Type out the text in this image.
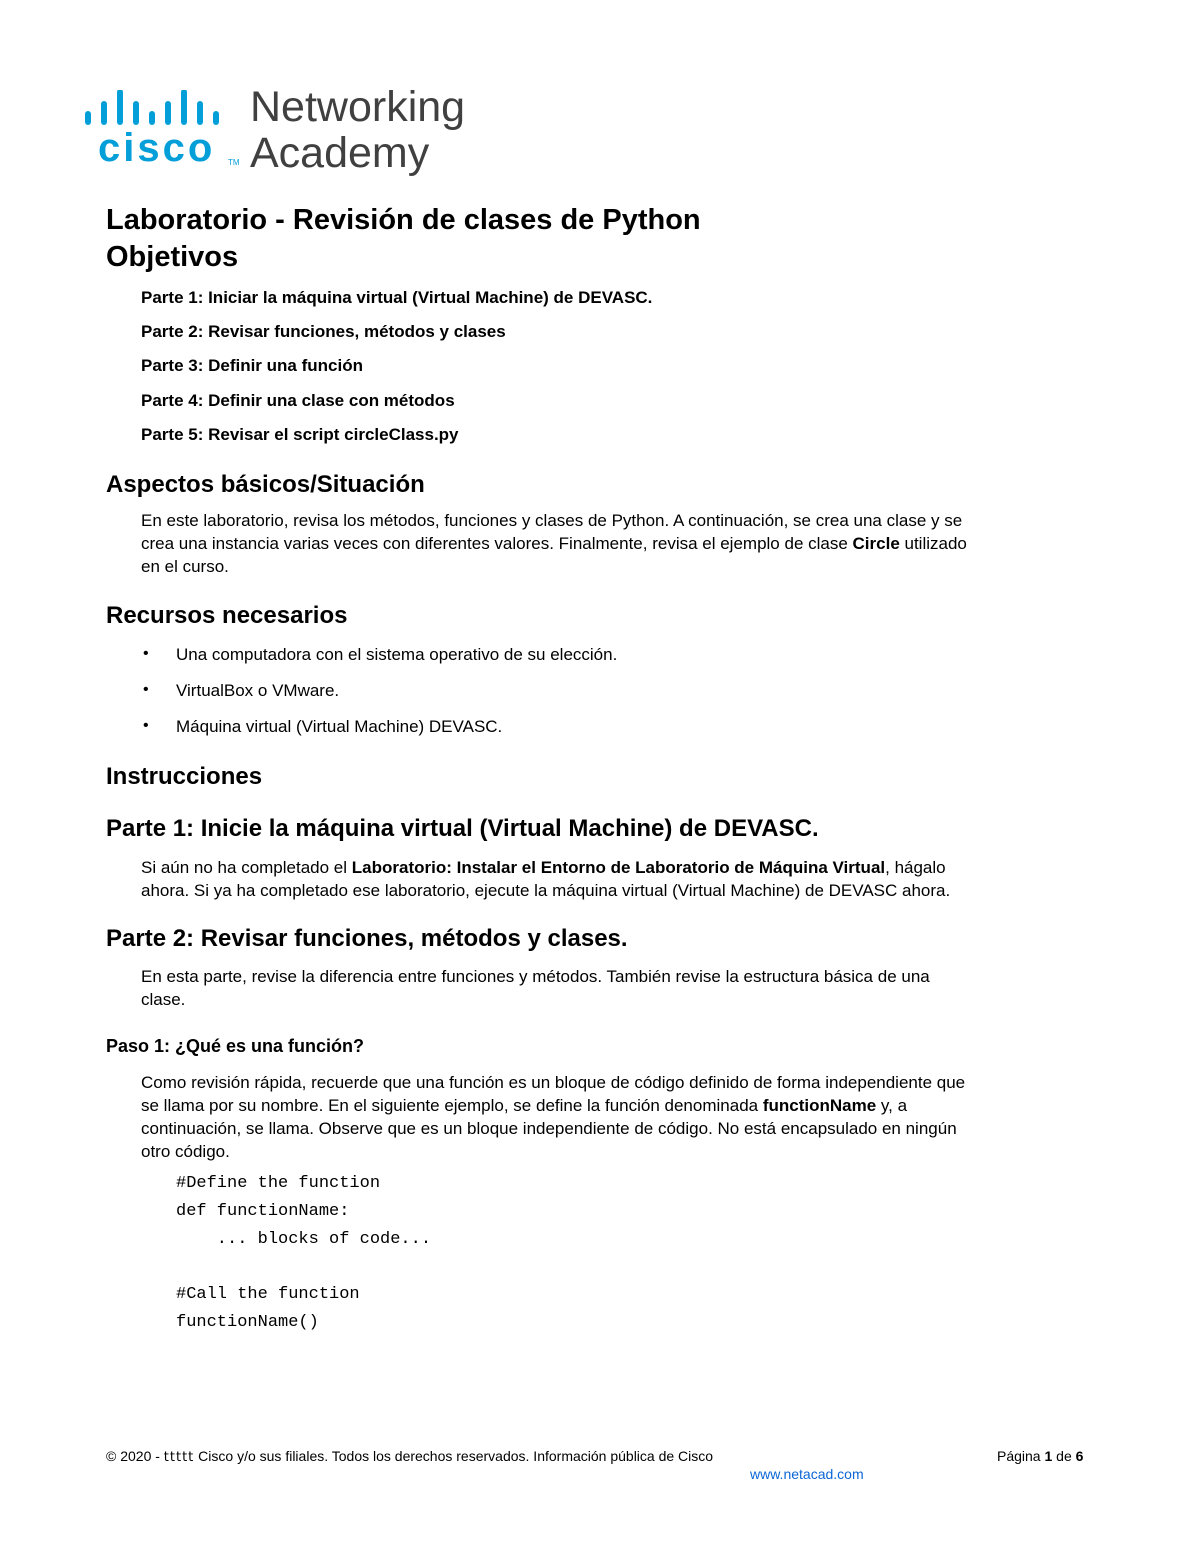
cisco TM
Networking
Academy
Laboratorio - Revisión de clases de Python
Objetivos
Parte 1: Iniciar la máquina virtual (Virtual Machine) de DEVASC.
Parte 2: Revisar funciones, métodos y clases
Parte 3: Definir una función
Parte 4: Definir una clase con métodos
Parte 5: Revisar el script circleClass.py
Aspectos básicos/Situación
En este laboratorio, revisa los métodos, funciones y clases de Python. A continuación, se crea una clase y se
crea una instancia varias veces con diferentes valores. Finalmente, revisa el ejemplo de clase Circle utilizado
en el curso.
Recursos necesarios
• Una computadora con el sistema operativo de su elección.
• VirtualBox o VMware.
• Máquina virtual (Virtual Machine) DEVASC.
Instrucciones
Parte 1: Inicie la máquina virtual (Virtual Machine) de DEVASC.
Si aún no ha completado el Laboratorio: Instalar el Entorno de Laboratorio de Máquina Virtual, hágalo
ahora. Si ya ha completado ese laboratorio, ejecute la máquina virtual (Virtual Machine) de DEVASC ahora.
Parte 2: Revisar funciones, métodos y clases.
En esta parte, revise la diferencia entre funciones y métodos. También revise la estructura básica de una
clase.
Paso 1: ¿Qué es una función?
Como revisión rápida, recuerde que una función es un bloque de código definido de forma independiente que
se llama por su nombre. En el siguiente ejemplo, se define la función denominada functionName y, a
continuación, se llama. Observe que es un bloque independiente de código. No está encapsulado en ningún
otro código.
#Define the function
def functionName:
... blocks of code...
#Call the function
functionName()
© 2020 - ttttt Cisco y/o sus filiales. Todos los derechos reservados. Información pública de Cisco	Página 1 de 6
www.netacad.com
